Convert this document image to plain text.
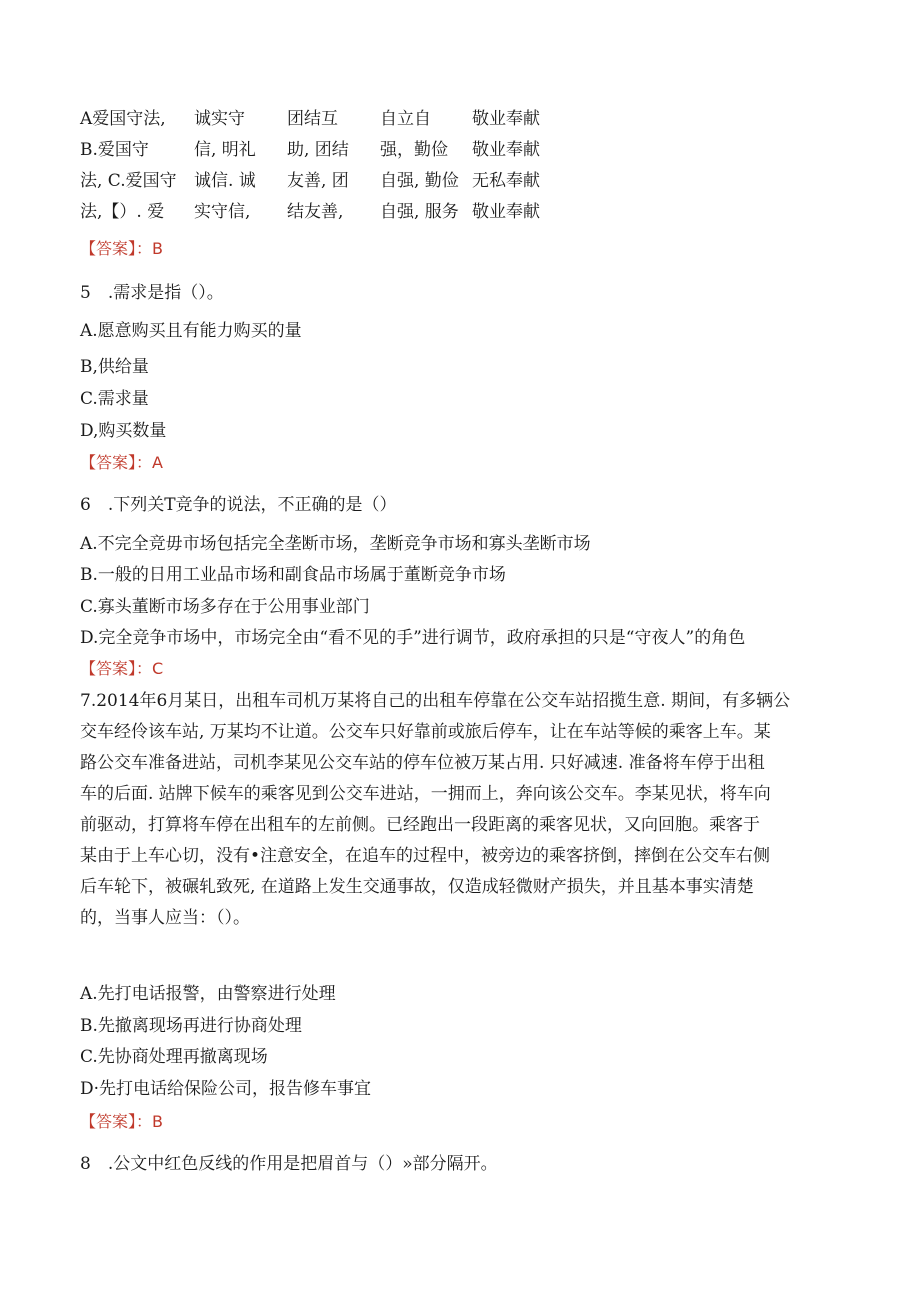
A爱国守法, 诚实守 团结互 自立自 敬业奉献
B.爱国守	信, 明礼 助, 团结 强，勤俭 敬业奉献
法, C.爱国守 诚信. 诚 友善, 团 自强, 勤俭 无私奉献
法,【）. 爱 实守信, 结友善, 自强, 服务 敬业奉献
【答案】：B
5　.需求是指（）。
A.愿意购买且有能力购买的量
B,供给量
C.需求量
D,购买数量
【答案】：A
6　.下列关T竞争的说法，不正确的是（）
A.不完全竞毋市场包括完全垄断市场，垄断竞争市场和寡头垄断市场
B.一般的日用工业品市场和副食品市场属于董断竞争市场
C.寡头董断市场多存在于公用事业部门
D.完全竞争市场中，市场完全由“看不见的手”进行调节，政府承担的只是“守夜人”的角色
【答案】：C

7.2014年6月某日，出租车司机万某将自己的出租车停靠在公交车站招揽生意. 期间，有多辆公

交车经伶该车站, 万某均不让道。公交车只好靠前或旅后停车，让在车站等候的乘客上车。某

路公交车准备进站，司机李某见公交车站的停车位被万某占用. 只好减速. 准备将车停于出租

车的后面. 站牌下候车的乘客见到公交车进站，一拥而上，奔向该公交车。李某见状，将车向

前驱动，打算将车停在出租车的左前侧。已经跑出一段距离的乘客见状，又向回胞。乘客于

某由于上车心切，没有•注意安全，在追车的过程中，被旁边的乘客挤倒，摔倒在公交车右侧

后车轮下，被碾轧致死, 在道路上发生交通事故，仅造成轻微财产损失，并且基本事实清楚

的，当事人应当：（）。

A.先打电话报警，由警察进行处理
B.先撤离现场再进行协商处理
C.先协商处理再撤离现场
D·先打电话给保险公司，报告修车事宜
【答案】：B
8　.公文中红色反线的作用是把眉首与（）»部分隔开。
